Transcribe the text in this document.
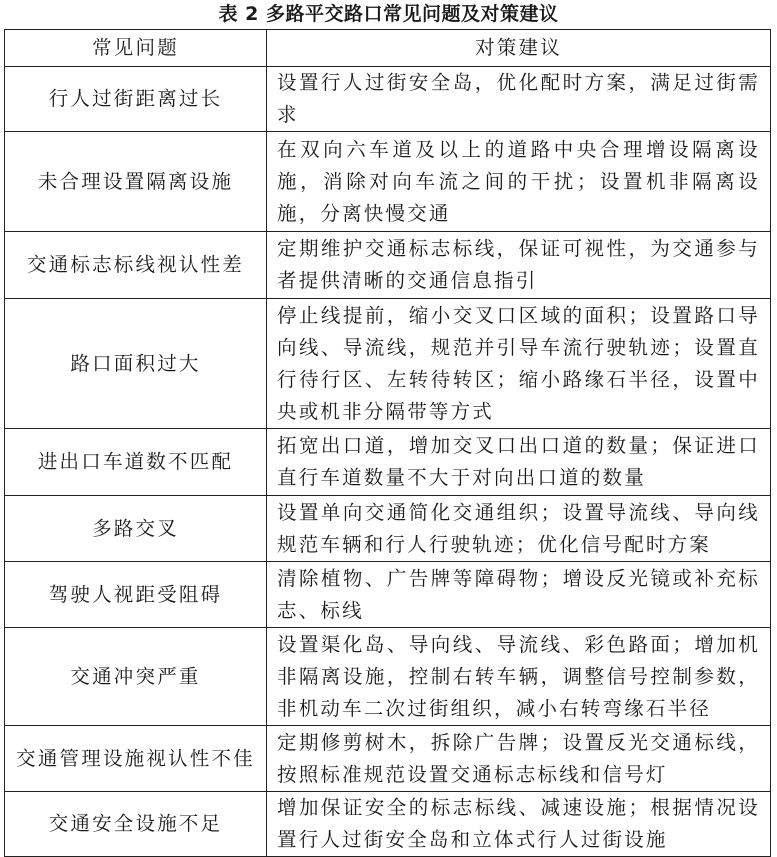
表 2 多路平交路口常见问题及对策建议
常见问题	对策建议
行人过街距离过长	设置行人过街安全岛，优化配时方案，满足过街需求
未合理设置隔离设施	在双向六车道及以上的道路中央合理增设隔离设施，消除对向车流之间的干扰；设置机非隔离设施，分离快慢交通
交通标志标线视认性差	定期维护交通标志标线，保证可视性，为交通参与者提供清晰的交通信息指引
路口面积过大	停止线提前，缩小交叉口区域的面积；设置路口导向线、导流线，规范并引导车流行驶轨迹；设置直行待行区、左转待转区；缩小路缘石半径，设置中央或机非分隔带等方式
进出口车道数不匹配	拓宽出口道，增加交叉口出口道的数量；保证进口直行车道数量不大于对向出口道的数量
多路交叉	设置单向交通简化交通组织；设置导流线、导向线规范车辆和行人行驶轨迹；优化信号配时方案
驾驶人视距受阻碍	清除植物、广告牌等障碍物；增设反光镜或补充标志、标线
交通冲突严重	设置渠化岛、导向线、导流线、彩色路面；增加机非隔离设施，控制右转车辆，调整信号控制参数，非机动车二次过街组织，减小右转弯缘石半径
交通管理设施视认性不佳	定期修剪树木，拆除广告牌；设置反光交通标线，按照标准规范设置交通标志标线和信号灯
交通安全设施不足	增加保证安全的标志标线、减速设施；根据情况设置行人过街安全岛和立体式行人过街设施
